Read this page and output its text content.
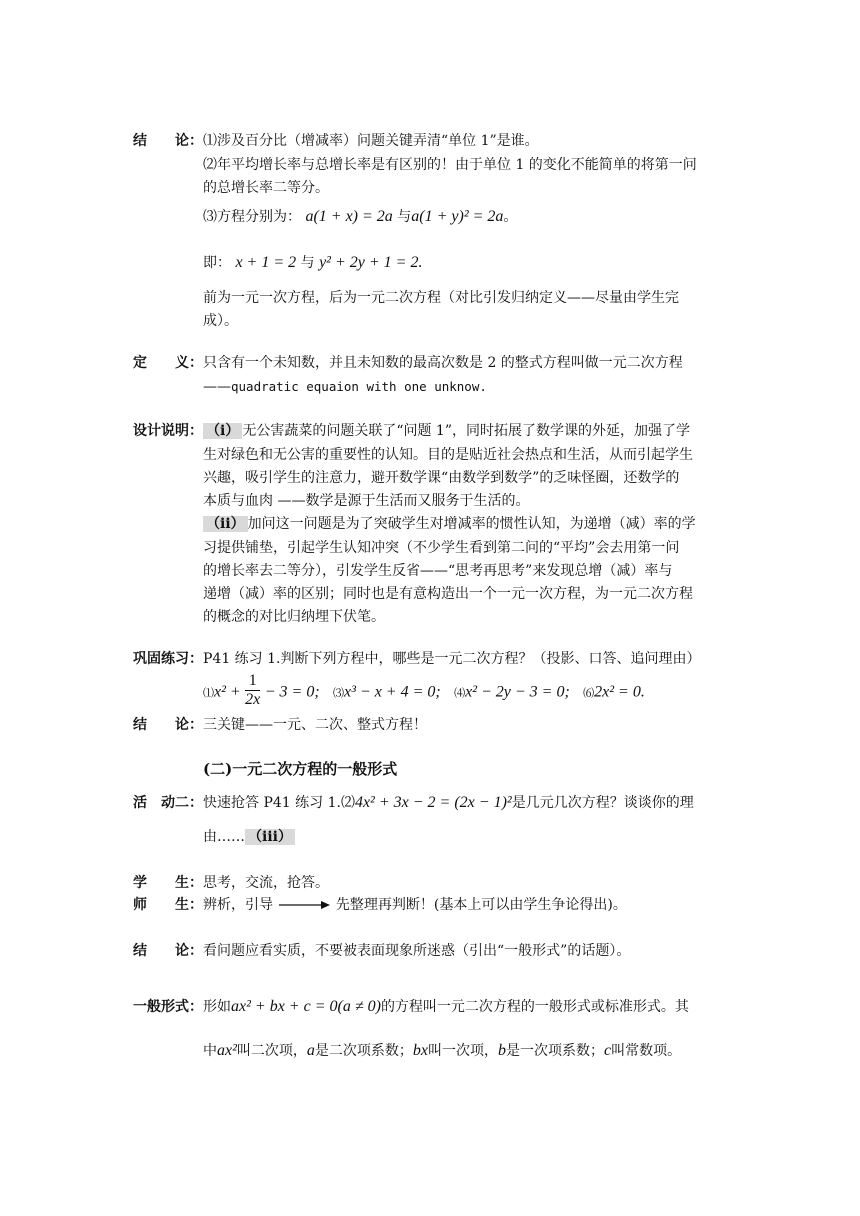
结　　论： ⑴涉及百分比（增减率）问题关键弄清“单位 1”是谁。
⑵年平均增长率与总增长率是有区别的！由于单位 1 的变化不能简单的将第一问
的总增长率二等分。
⑶方程分别为： a(1 + x) = 2a 与a(1 + y)² = 2a。
即： x + 1 = 2 与 y² + 2y + 1 = 2.
前为一元一次方程，后为一元二次方程（对比引发归纳定义——尽量由学生完
成）。
定　　义： 只含有一个未知数，并且未知数的最高次数是 2 的整式方程叫做一元二次方程
——quadratic equaion with one unknow.
设计说明： （ⅰ） 无公害蔬菜的问题关联了“问题 1”，同时拓展了数学课的外延，加强了学
生对绿色和无公害的重要性的认知。目的是贴近社会热点和生活，从而引起学生
兴趣，吸引学生的注意力，避开数学课“由数学到数学”的乏味怪圈，还数学的
本质与血肉 ——数学是源于生活而又服务于生活的。
（ⅱ） 加问这一问题是为了突破学生对增减率的惯性认知，为递增（减）率的学
习提供铺垫，引起学生认知冲突（不少学生看到第二问的“平均”会去用第一问
的增长率去二等分），引发学生反省——“思考再思考”来发现总增（减）率与
递增（减）率的区别；同时也是有意构造出一个一元一次方程，为一元二次方程
的概念的对比归纳埋下伏笔。
巩固练习： P41 练习 1.判断下列方程中，哪些是一元二次方程？（投影、口答、追问理由）
⑴x² + $\frac{1}{2x} - 3 = 0$; ⑶x³ − x + 4 = 0; ⑷x² − 2y − 3 = 0; ⑹2x² = 0.
结　　论： 三关键——一元、二次、整式方程！
(二)一元二次方程的一般形式
活　动二： 快速抢答 P41 练习 1.⑵4x² + 3x − 2 = (2x − 1)²是几元几次方程？谈谈你的理
由…… （ⅲ）
学　　生： 思考，交流，抢答。
师　　生： 辨析，引导	先整理再判断！(基本上可以由学生争论得出)。
结　　论： 看问题应看实质，不要被表面现象所迷惑（引出“一般形式”的话题）。
一般形式： 形如ax² + bx + c = 0(a ≠ 0)的方程叫一元二次方程的一般形式或标准形式。其
中ax²叫二次项，a是二次项系数；bx叫一次项，b是一次项系数；c叫常数项。
